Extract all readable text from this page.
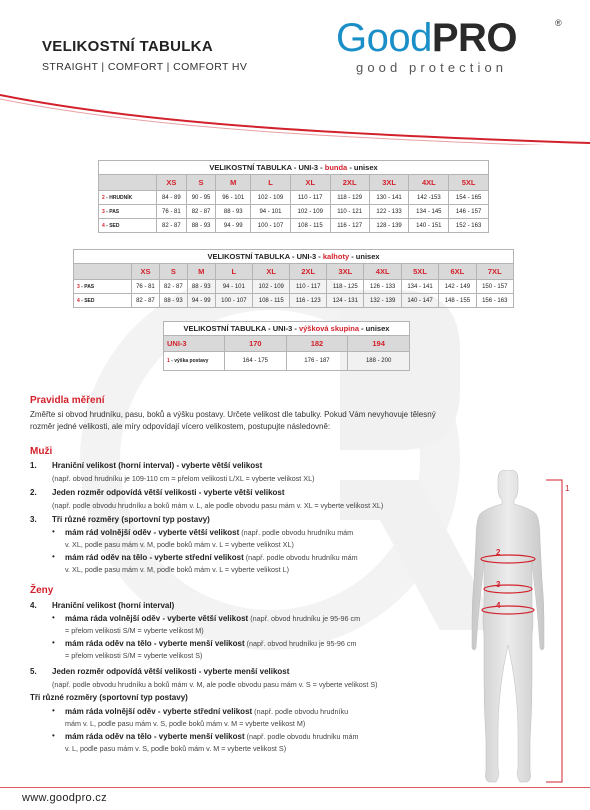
VELIKOSTNÍ TABULKA
STRAIGHT | COMFORT | COMFORT HV
GoodPRO	®
good protection
VELIKOSTNÍ TABULKA - UNI-3 - bunda - unisex									
	XS	S	M	L	XL	2XL	3XL	4XL	5XL
2 - HRUDNÍK	84 - 89	90 - 95	96 - 101	102 - 109	110 - 117	118 - 129	130 - 141	142 -153	154 - 165
3 - PAS	76 - 81	82 - 87	88 - 93	94 - 101	102 - 109	110 - 121	122 - 133	134 - 145	146 - 157
4 - SED	82 - 87	88 - 93	94 - 99	100 - 107	108 - 115	116 - 127	128 - 139	140 - 151	152 - 163
VELIKOSTNÍ TABULKA - UNI-3 - kalhoty - unisex											
	XS	S	M	L	XL	2XL	3XL	4XL	5XL	6XL	7XL
3 - PAS	76 - 81	82 - 87	88 - 93	94 - 101	102 - 109	110 - 117	118 - 125	126 - 133	134 - 141	142 - 149	150 - 157
4 - SED	82 - 87	88 - 93	94 - 99	100 - 107	108 - 115	116 - 123	124 - 131	132 - 139	140 - 147	148 - 155	156 - 163
VELIKOSTNÍ TABULKA - UNI-3 - výšková skupina - unisex			
UNI-3	170	182	194
1 - výška postavy	164 - 175	176 - 187	188 - 200
Pravidla měření
Změřte si obvod hrudníku, pasu, boků a výšku postavy. Určete velikost dle tabulky. Pokud Vám nevyhovuje tělesný
rozměr jedné velikosti, ale míry odpovídají vícero velikostem, postupujte následovně:
Muži
1. Hraniční velikost (horní interval) - vyberte větší velikost
(např. obvod hrudníku je 109-110 cm = přelom velikosti L/XL = vyberte velikost XL)
2. Jeden rozměr odpovídá větší velikosti - vyberte větší velikost
(např. podle obvodu hrudníku a boků mám v. L, ale podle obvodu pasu mám v. XL = vyberte velikost XL)
3. Tři různé rozměry (sportovní typ postavy)
• mám rád volnější oděv - vyberte větší velikost (např. podle obvodu hrudníku mám
v. XL, podle pasu mám v. M, podle boků mám v. L = vyberte velikost XL)
• mám rád oděv na tělo - vyberte střední velikost (např. podle obvodu hrudníku mám
v. XL, podle pasu mám v. M, podle boků mám v. L = vyberte velikost L)
Ženy
4. Hraniční velikost (horní interval)
• máma ráda volnější oděv - vyberte větší velikost (např. obvod hrudníku je 95-96 cm
= přelom velikosti S/M = vyberte velikost M)
• mám ráda oděv na tělo - vyberte menší velikost (např. obvod hrudníku je 95-96 cm
= přelom velikosti S/M = vyberte velikost S)
5. Jeden rozměr odpovídá větší velikosti - vyberte menší velikost
(např. podle obvodu hrudníku a boků mám v. M, ale podle obvodu pasu mám v. S = vyberte velikost S)
Tři různé rozměry (sportovní typ postavy)
• mám ráda volnější oděv - vyberte střední velikost (např. podle obvodu hrudníku
mám v. L, podle pasu mám v. S, podle boků mám v. M = vyberte velikost M)
• mám ráda oděv na tělo - vyberte menší velikost (např. podle obvodu hrudníku mám
v. L, podle pasu mám v. S, podle boků mám v. M = vyberte velikost S)
1
2
3
4
www.goodpro.cz
